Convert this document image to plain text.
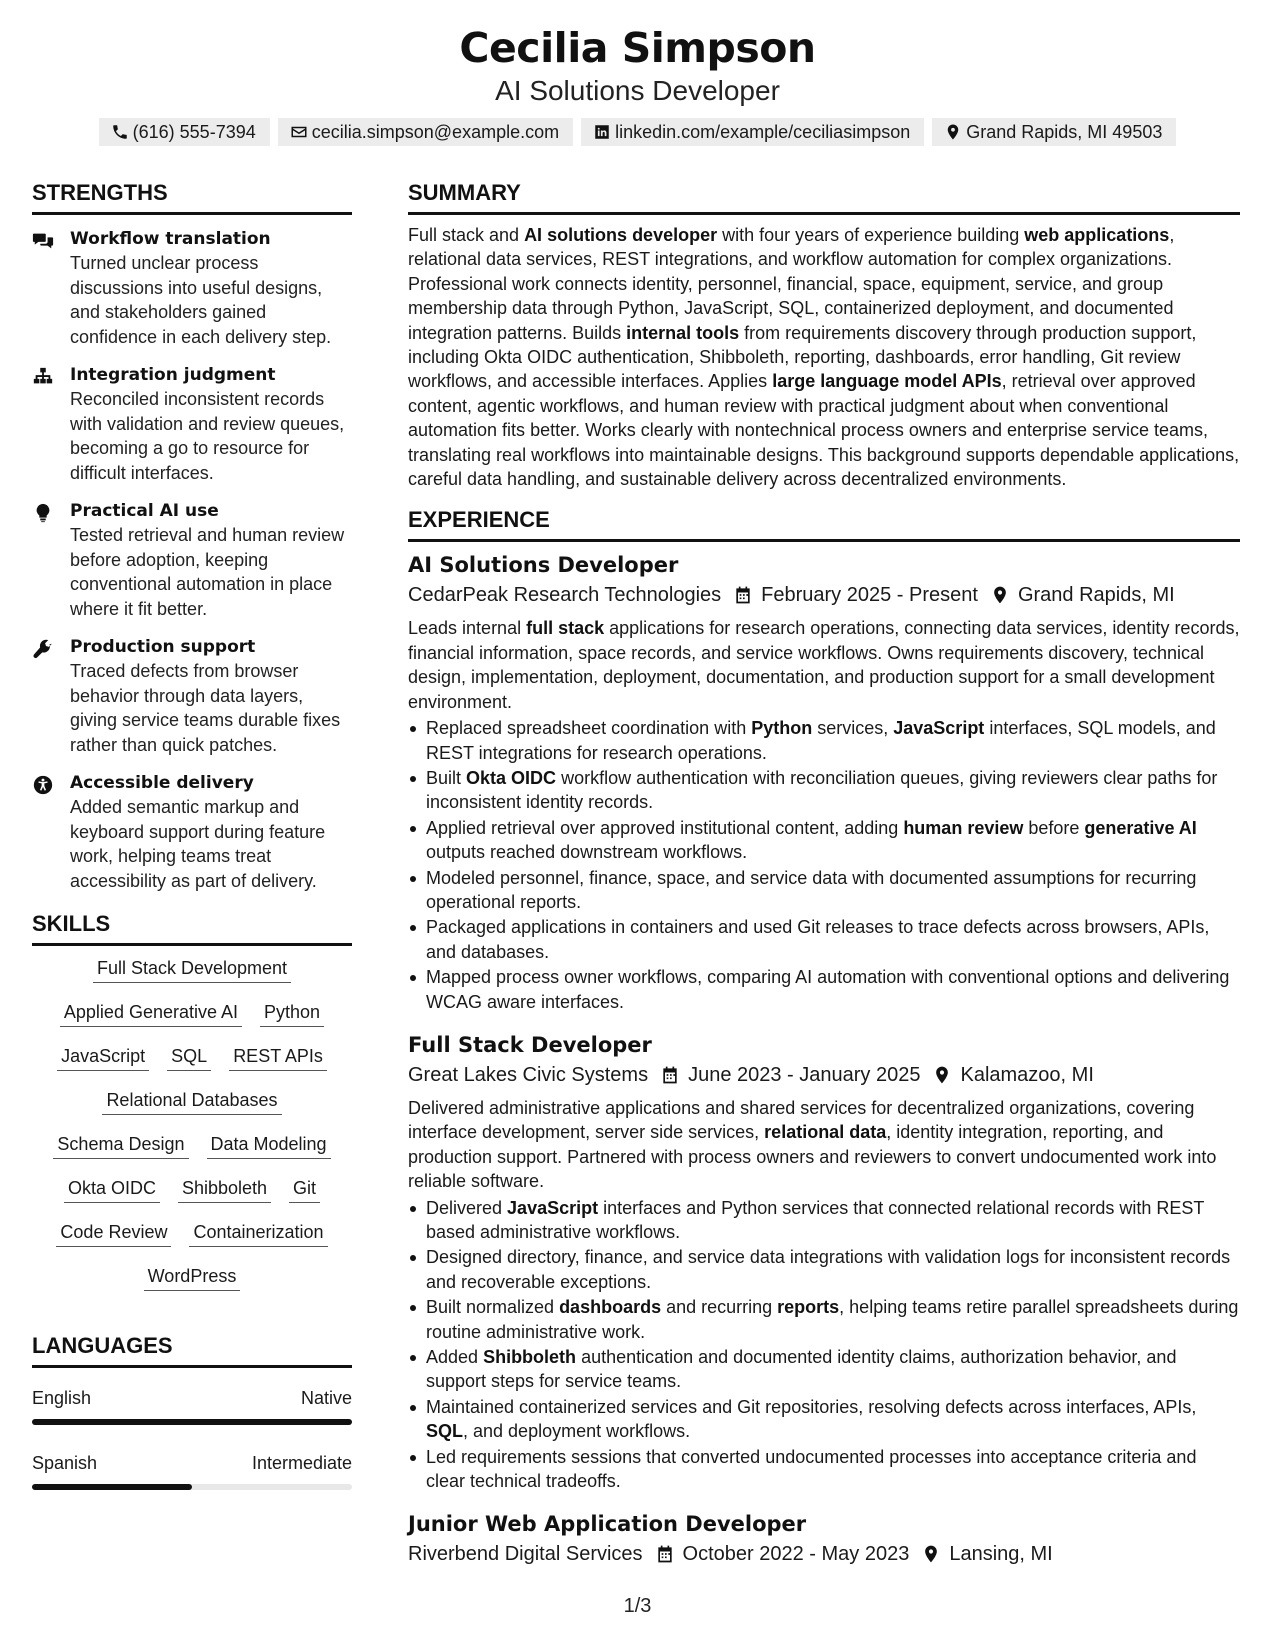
Cecilia Simpson
AI Solutions Developer
(616) 555-7394	cecilia.simpson@example.com	linkedin.com/example/ceciliasimpson	Grand Rapids, MI 49503
STRENGTHS
Workflow translation
Turned unclear process discussions into useful designs, and stakeholders gained confidence in each delivery step.
Integration judgment
Reconciled inconsistent records with validation and review queues, becoming a go to resource for difficult interfaces.
Practical AI use
Tested retrieval and human review before adoption, keeping conventional automation in place where it fit better.
Production support
Traced defects from browser behavior through data layers, giving service teams durable fixes rather than quick patches.
Accessible delivery
Added semantic markup and keyboard support during feature work, helping teams treat accessibility as part of delivery.
SKILLS
Full Stack Development
Applied Generative AI Python
JavaScript SQL REST APIs
Relational Databases
Schema Design Data Modeling
Okta OIDC Shibboleth Git
Code Review Containerization
WordPress
LANGUAGES
English	Native
Spanish	Intermediate
SUMMARY
Full stack and AI solutions developer with four years of experience building web applications, relational data services, REST integrations, and workflow automation for complex organizations. Professional work connects identity, personnel, financial, space, equipment, service, and group membership data through Python, JavaScript, SQL, containerized deployment, and documented integration patterns. Builds internal tools from requirements discovery through production support, including Okta OIDC authentication, Shibboleth, reporting, dashboards, error handling, Git review workflows, and accessible interfaces. Applies large language model APIs, retrieval over approved content, agentic workflows, and human review with practical judgment about when conventional automation fits better. Works clearly with nontechnical process owners and enterprise service teams, translating real workflows into maintainable designs. This background supports dependable applications, careful data handling, and sustainable delivery across decentralized environments.
EXPERIENCE
AI Solutions Developer
CedarPeak Research Technologies February 2025 - Present Grand Rapids, MI
Leads internal full stack applications for research operations, connecting data services, identity records, financial information, space records, and service workflows. Owns requirements discovery, technical design, implementation, deployment, documentation, and production support for a small development environment.
Replaced spreadsheet coordination with Python services, JavaScript interfaces, SQL models, and REST integrations for research operations.
Built Okta OIDC workflow authentication with reconciliation queues, giving reviewers clear paths for inconsistent identity records.
Applied retrieval over approved institutional content, adding human review before generative AI outputs reached downstream workflows.
Modeled personnel, finance, space, and service data with documented assumptions for recurring operational reports.
Packaged applications in containers and used Git releases to trace defects across browsers, APIs, and databases.
Mapped process owner workflows, comparing AI automation with conventional options and delivering WCAG aware interfaces.
Full Stack Developer
Great Lakes Civic Systems June 2023 - January 2025 Kalamazoo, MI
Delivered administrative applications and shared services for decentralized organizations, covering interface development, server side services, relational data, identity integration, reporting, and production support. Partnered with process owners and reviewers to convert undocumented work into reliable software.
Delivered JavaScript interfaces and Python services that connected relational records with REST based administrative workflows.
Designed directory, finance, and service data integrations with validation logs for inconsistent records and recoverable exceptions.
Built normalized dashboards and recurring reports, helping teams retire parallel spreadsheets during routine administrative work.
Added Shibboleth authentication and documented identity claims, authorization behavior, and support steps for service teams.
Maintained containerized services and Git repositories, resolving defects across interfaces, APIs, SQL, and deployment workflows.
Led requirements sessions that converted undocumented processes into acceptance criteria and clear technical tradeoffs.
Junior Web Application Developer
Riverbend Digital Services October 2022 - May 2023 Lansing, MI
1/3
